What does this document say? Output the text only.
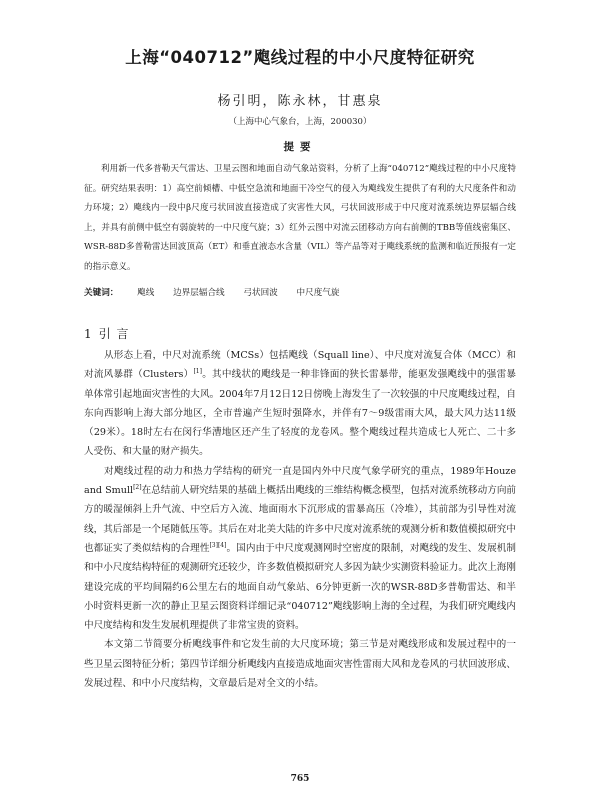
上海“040712”飑线过程的中小尺度特征研究
杨引明，陈永林，甘惠泉
（上海中心气象台，上海，200030）
提要

利用新一代多普勒天气雷达、卫星云图和地面自动气象站资料，分析了上海“040712”飑线过程的中小尺度特征。研究结果表明：1）高空前倾槽、中低空急流和地面干冷空气的侵入为飑线发生提供了有利的大尺度条件和动力环境；2）飑线内一段中β尺度弓状回波直接造成了灾害性大风，弓状回波形成于中尺度对流系统边界层辐合线上，并具有前侧中低空有弱旋转的一中尺度气旋；3）红外云图中对流云团移动方向右前侧的TBB等值线密集区、WSR-88D多普勒雷达回波顶高（ET）和垂直液态水含量（VIL）等产品等对于飑线系统的监测和临近预报有一定的指示意义。

关键词： 飑线 边界层辐合线 弓状回波 中尺度气旋
1 引 言

从形态上看，中尺对流系统（MCSs）包括飑线（Squall line）、中尺度对流复合体（MCC）和对流风暴群（Clusters）[1]。其中线状的飑线是一种非锋面的狭长雷暴带，能驱发强飑线中的强雷暴单体常引起地面灾害性的大风。2004年7月12日12日傍晚上海发生了一次较强的中尺度飑线过程，自东向西影响上海大部分地区，全市普遍产生短时强降水，并伴有7～9级雷雨大风，最大风力达11级（29米）。18时左右在闵行华漕地区还产生了轻度的龙卷风。整个飑线过程共造成七人死亡、二十多人受伤、和大量的财产损失。

对飑线过程的动力和热力学结构的研究一直是国内外中尺度气象学研究的重点，1989年Houze and Smull[2]在总结前人研究结果的基础上概括出飑线的三维结构概念模型，包括对流系统移动方向前方的暖湿倾斜上升气流、中空后方入流、地面雨水下沉形成的雷暴高压（冷堆），其前部为引导性对流线，其后部是一个尾随低压等。其后在对北美大陆的许多中尺度对流系统的观测分析和数值模拟研究中也都证实了类似结构的合理性[3][4]。国内由于中尺度观测网时空密度的限制，对飑线的发生、发展机制和中小尺度结构特征的观测研究还较少，许多数值模拟研究人多因为缺少实测资料验证力。此次上海刚建设完成的平均间隔约6公里左右的地面自动气象站、6分钟更新一次的WSR-88D多普勒雷达、和半小时资料更新一次的静止卫星云图资料详细记录“040712”飑线影响上海的全过程，为我们研究飑线内中尺度结构和发生发展机理提供了非常宝贵的资料。

本文第二节简要分析飑线事件和它发生前的大尺度环境；第三节是对飑线形成和发展过程中的一些卫星云图特征分析；第四节详细分析飑线内直接造成地面灾害性雷雨大风和龙卷风的弓状回波形成、发展过程、和中小尺度结构，文章最后是对全文的小结。

765
